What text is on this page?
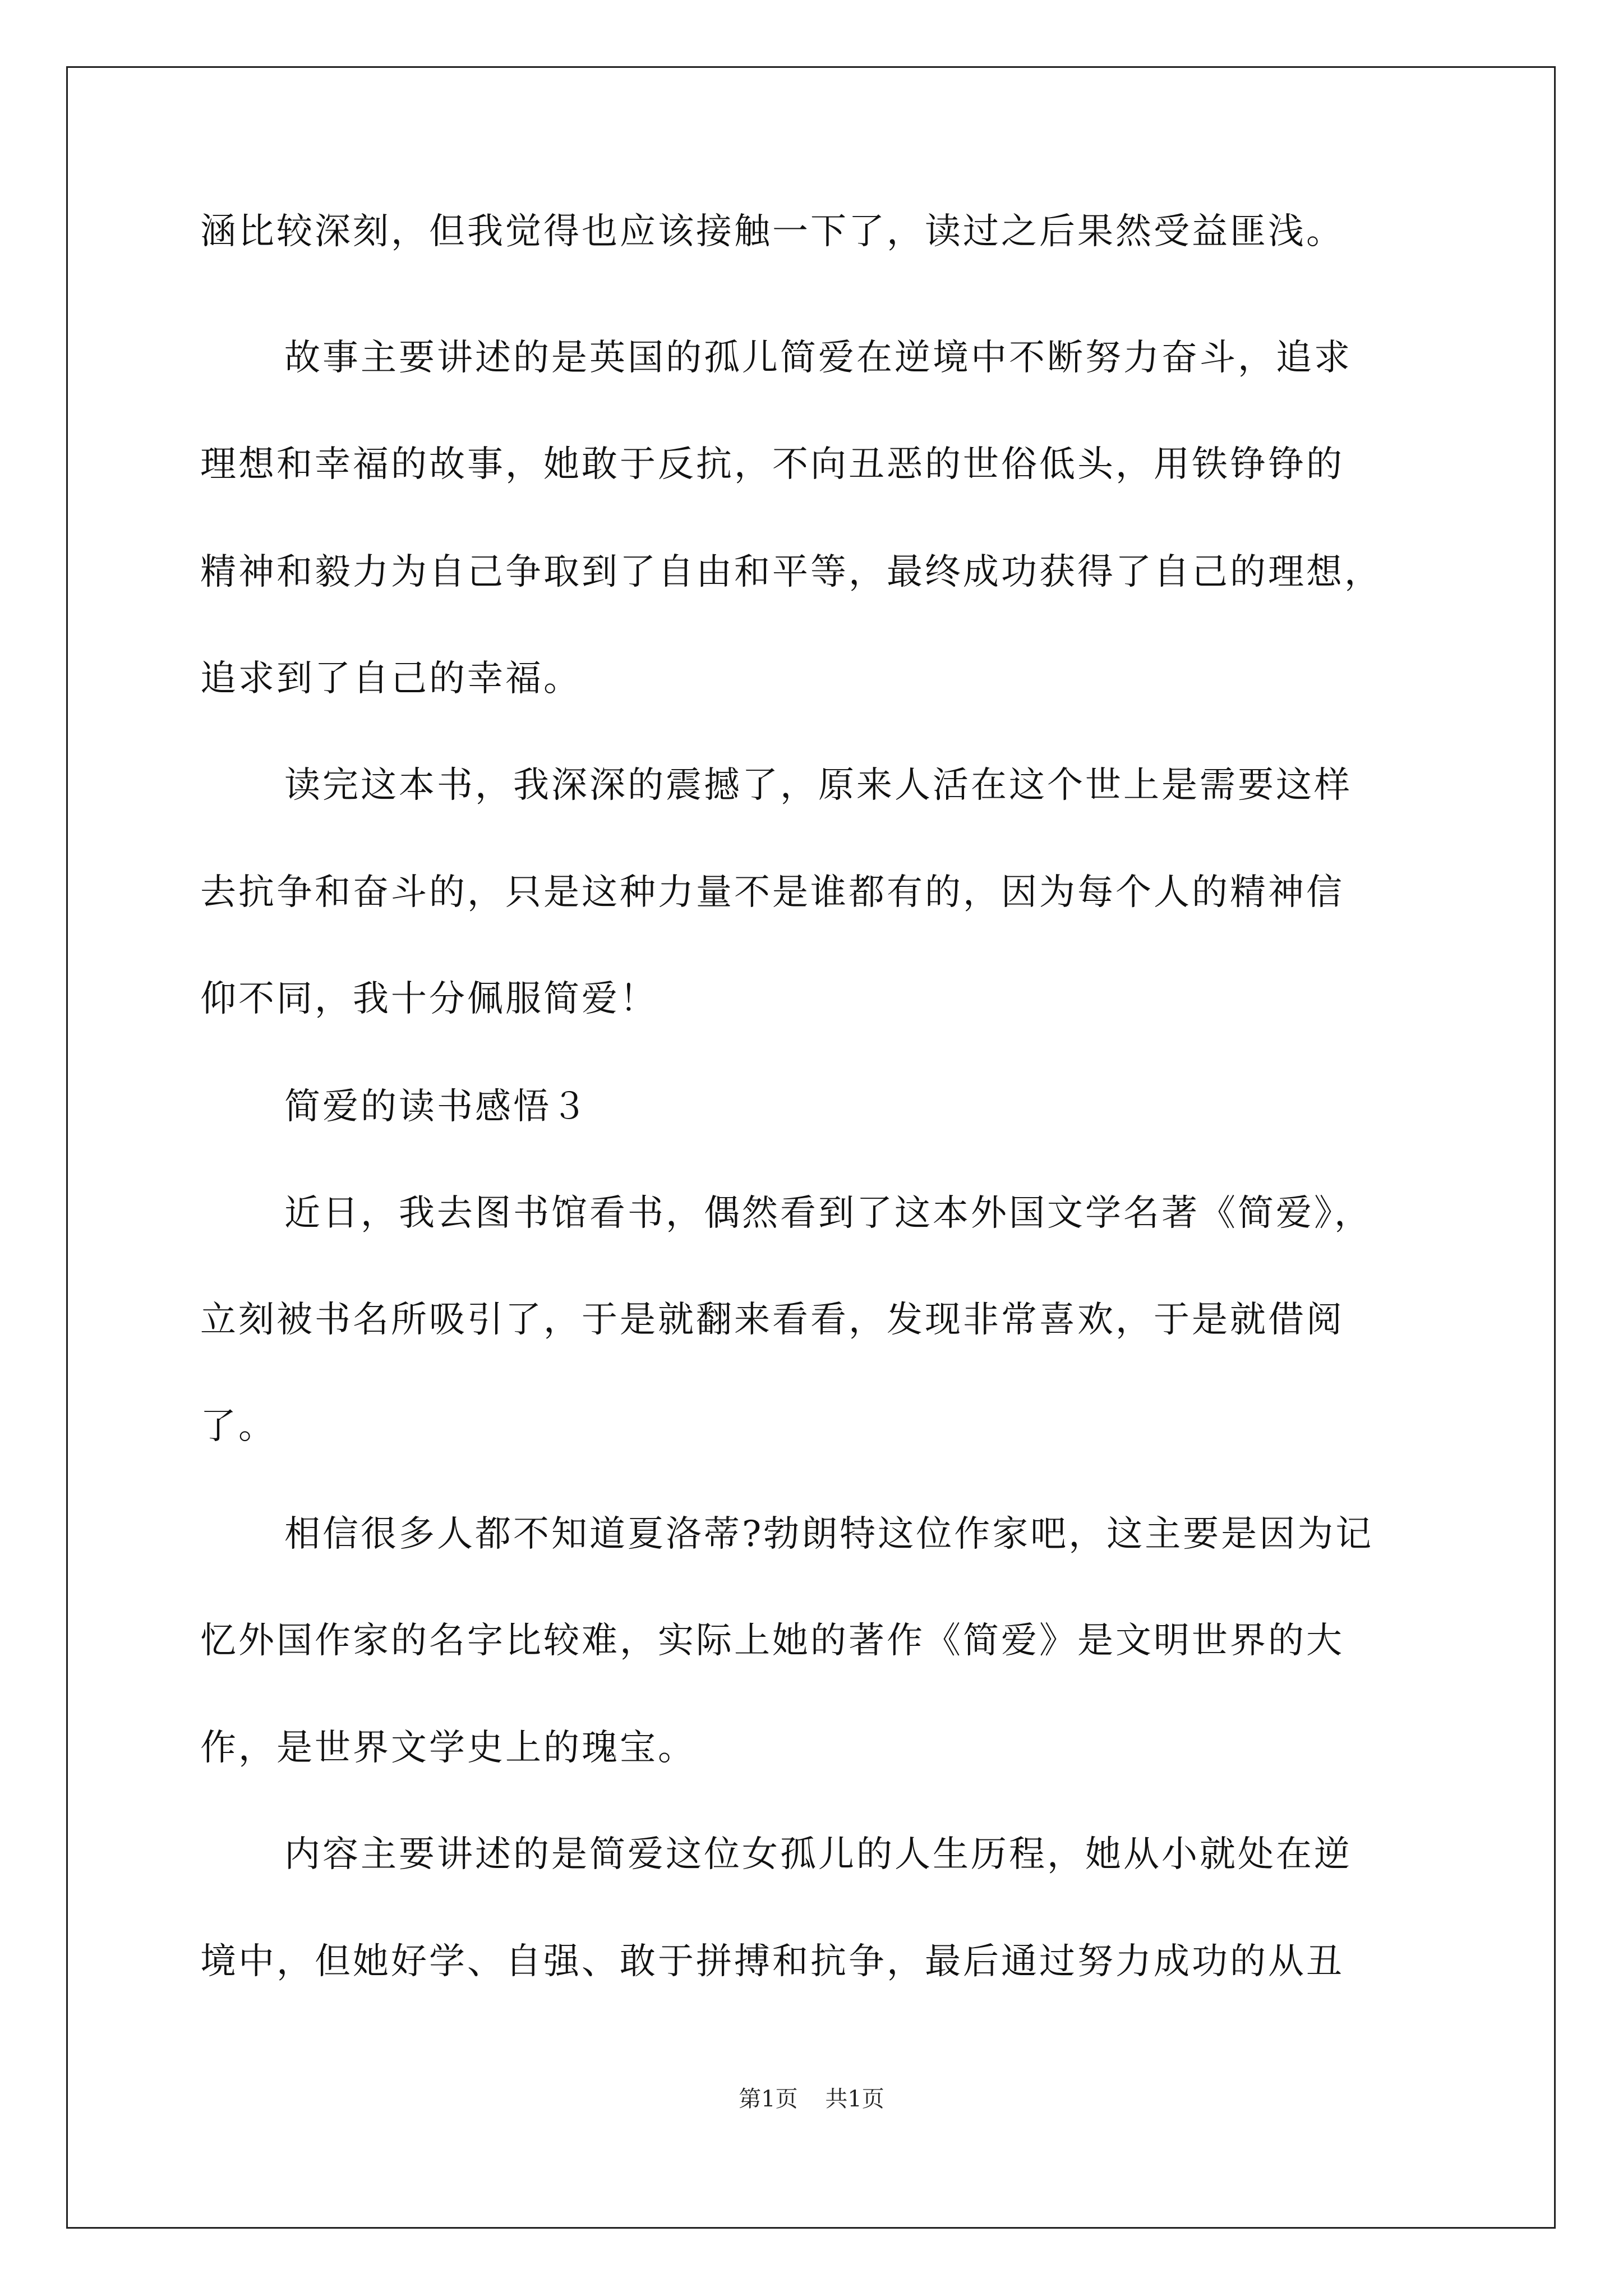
涵比较深刻，但我觉得也应该接触一下了，读过之后果然受益匪浅。
故事主要讲述的是英国的孤儿简爱在逆境中不断努力奋斗，追求
理想和幸福的故事，她敢于反抗，不向丑恶的世俗低头，用铁铮铮的
精神和毅力为自己争取到了自由和平等，最终成功获得了自己的理想，
追求到了自己的幸福。
读完这本书，我深深的震撼了，原来人活在这个世上是需要这样
去抗争和奋斗的，只是这种力量不是谁都有的，因为每个人的精神信
仰不同，我十分佩服简爱！
简爱的读书感悟３
近日，我去图书馆看书，偶然看到了这本外国文学名著《简爱》，
立刻被书名所吸引了，于是就翻来看看，发现非常喜欢，于是就借阅
了。
相信很多人都不知道夏洛蒂?勃朗特这位作家吧，这主要是因为记
忆外国作家的名字比较难，实际上她的著作《简爱》是文明世界的大
作，是世界文学史上的瑰宝。
内容主要讲述的是简爱这位女孤儿的人生历程，她从小就处在逆
境中，但她好学、自强、敢于拼搏和抗争，最后通过努力成功的从丑
第1页 共1页
